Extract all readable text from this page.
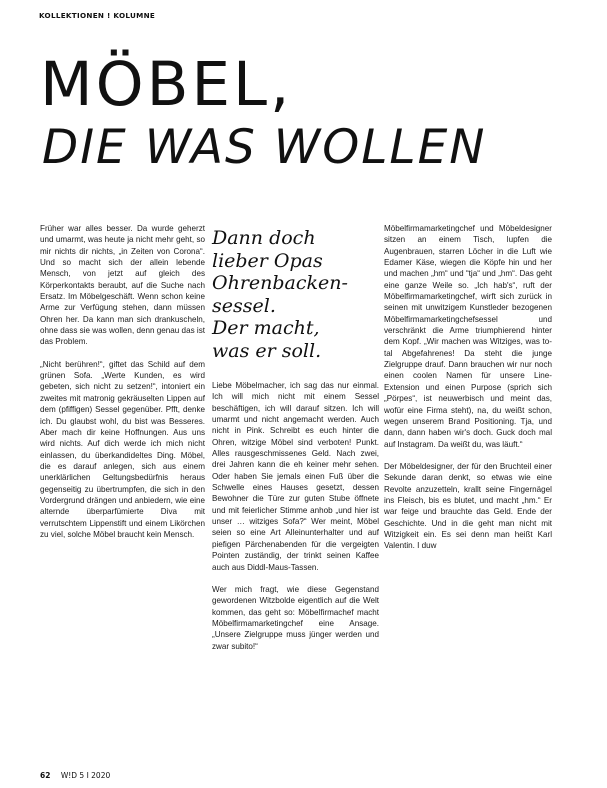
KOLLEKTIONEN ! KOLUMNE
MÖBEL,
DIE WAS WOLLEN

Früher war alles besser. Da wurde geherzt und umarmt, was heute ja nicht mehr geht, so mir nichts dir nichts, „in Zeiten von Corona“. Und so macht sich der allein lebende Mensch, von jetzt auf gleich des Körperkontakts beraubt, auf die Suche nach Ersatz. Im Möbelgeschäft. Wenn schon keine Arme zur Verfügung stehen, dann müssen Ohren her. Da kann man sich drankuscheln, ohne dass sie was wollen, denn genau das ist das Problem.

„Nicht berühren!“, giftet das Schild auf dem grünen Sofa. „Werte Kunden, es wird gebeten, sich nicht zu setzen!“, intoniert ein zweites mit matronig gekräuselten Lippen auf dem (pfiffigen) Sessel gegenüber. Pfft, denke ich. Du glaubst wohl, du bist was Besseres. Aber mach dir keine Hoffnungen. Aus uns wird nichts. Auf dich werde ich mich nicht einlassen, du überkandideltes Ding. Möbel, die es darauf anlegen, sich aus einem unerklärlichen Geltungsbedürfnis heraus gegenseitig zu übertrumpfen, die sich in den Vordergrund drängen und anbiedern, wie eine alternde überparfümierte Diva mit verrutschtem Lippenstift und einem Likörchen zu viel, solche Möbel braucht kein Mensch.

Dann doch
lieber Opas
Ohrenbacken-
sessel.
Der macht,
was er soll.

Liebe Möbelmacher, ich sag das nur einmal. Ich will mich nicht mit einem Sessel beschäftigen, ich will darauf sitzen. Ich will umarmt und nicht angemacht werden. Auch nicht in Pink. Schreibt es euch hinter die Ohren, witzige Möbel sind verboten! Punkt. Alles rausgeschmissenes Geld. Nach zwei, drei Jahren kann die eh keiner mehr sehen. Oder haben Sie jemals einen Fuß über die Schwelle eines Hauses gesetzt, dessen Bewohner die Türe zur guten Stube öffnete und mit feierlicher Stimme anhob „und hier ist unser … witziges Sofa?“ Wer meint, Möbel seien so eine Art Alleinunterhalter und auf piefigen Pärchenabenden für die vergeigten Pointen zuständig, der trinkt seinen Kaffee auch aus Diddl-Maus-Tassen.

Wer mich fragt, wie diese Gegenstand gewordenen Witzbolde eigentlich auf die Welt kommen, das geht so: Möbelfirmachef macht Möbelfirmamarketingchef eine Ansage. „Unsere Zielgruppe muss jünger werden und zwar subito!“

Möbelfirmamarketingchef und Möbeldesigner sitzen an einem Tisch, lupfen die Augenbrauen, starren Löcher in die Luft wie Edamer Käse, wiegen die Köpfe hin und her und machen „hm“ und “tja“ und „hm“. Das geht eine ganze Weile so. „Ich hab's“, ruft der Möbelfirmamarketingchef, wirft sich zurück in seinen mit unwitzigem Kunstleder bezogenen Möbelfirmamarketingchefsessel und verschränkt die Arme triumphierend hinter dem Kopf. „Wir machen was Witziges, was to-tal Abgefahrenes! Da steht die junge Zielgruppe drauf. Dann brauchen wir nur noch einen coolen Namen für unsere Line-Extension und einen Purpose (sprich sich „Pörpes“, ist neuwerbisch und meint das, wofür eine Firma steht), na, du weißt schon, wegen unserem Brand Positioning. Tja, und dann, dann haben wir's doch. Guck doch mal auf Instagram. Da weißt du, was läuft.“

Der Möbeldesigner, der für den Bruchteil einer Sekunde daran denkt, so etwas wie eine Revolte anzuzetteln, krallt seine Fingernägel ins Fleisch, bis es blutet, und macht „hm.“ Er war feige und brauchte das Geld. Ende der Geschichte. Und in die geht man nicht mit Witzigkeit ein. Es sei denn man heißt Karl Valentin. I duw

62 W!D 5 I 2020
